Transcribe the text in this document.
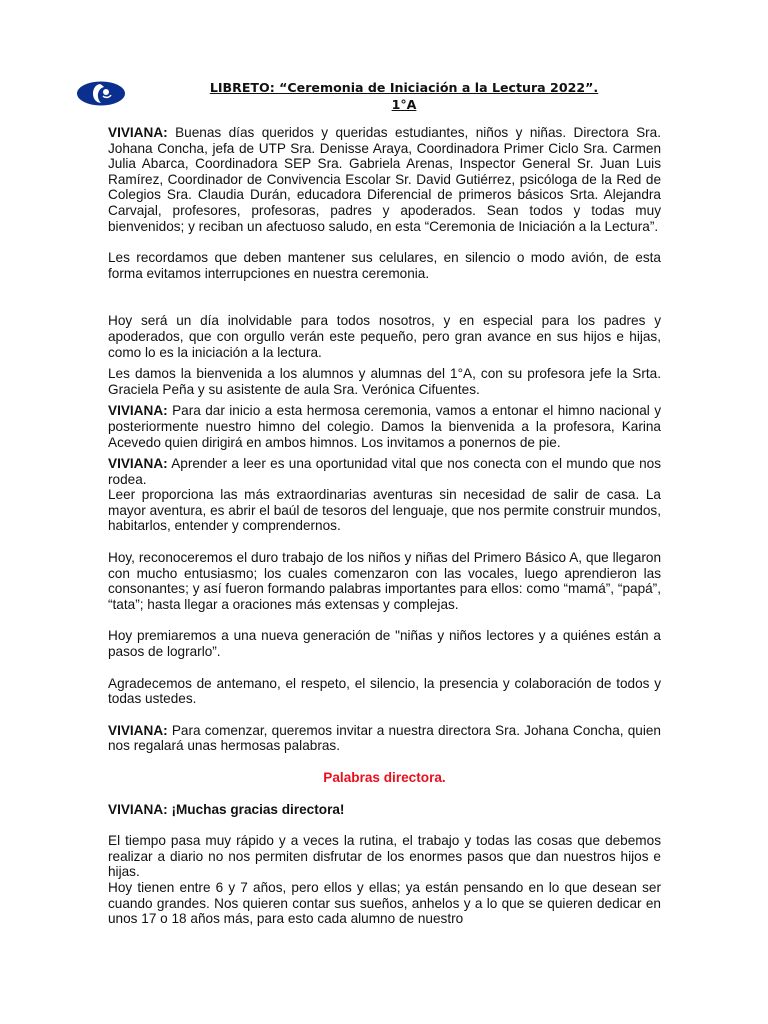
LIBRETO: “Ceremonia de Iniciación a la Lectura 2022”.
1°A

VIVIANA: Buenas días queridos y queridas estudiantes, niños y niñas. Directora Sra. Johana Concha, jefa de UTP Sra. Denisse Araya, Coordinadora Primer Ciclo Sra. Carmen Julia Abarca, Coordinadora SEP Sra. Gabriela Arenas, Inspector General Sr. Juan Luis Ramírez, Coordinador de Convivencia Escolar Sr. David Gutiérrez, psicóloga de la Red de Colegios Sra. Claudia Durán, educadora Diferencial de primeros básicos Srta. Alejandra Carvajal, profesores, profesoras, padres y apoderados. Sean todos y todas muy bienvenidos; y reciban un afectuoso saludo, en esta “Ceremonia de Iniciación a la Lectura”.

Les recordamos que deben mantener sus celulares, en silencio o modo avión, de esta forma evitamos interrupciones en nuestra ceremonia.

Hoy será un día inolvidable para todos nosotros, y en especial para los padres y apoderados, que con orgullo verán este pequeño, pero gran avance en sus hijos e hijas, como lo es la iniciación a la lectura.

Les damos la bienvenida a los alumnos y alumnas del 1°A, con su profesora jefe la Srta. Graciela Peña y su asistente de aula Sra. Verónica Cifuentes.

VIVIANA: Para dar inicio a esta hermosa ceremonia, vamos a entonar el himno nacional y posteriormente nuestro himno del colegio. Damos la bienvenida a la profesora, Karina Acevedo quien dirigirá en ambos himnos. Los invitamos a ponernos de pie.

VIVIANA: Aprender a leer es una oportunidad vital que nos conecta con el mundo que nos rodea.

Leer proporciona las más extraordinarias aventuras sin necesidad de salir de casa. La mayor aventura, es abrir el baúl de tesoros del lenguaje, que nos permite construir mundos, habitarlos, entender y comprendernos.

Hoy, reconoceremos el duro trabajo de los niños y niñas del Primero Básico A, que llegaron con mucho entusiasmo; los cuales comenzaron con las vocales, luego aprendieron las consonantes; y así fueron formando palabras importantes para ellos: como “mamá”, “papá”, “tata”; hasta llegar a oraciones más extensas y complejas.

Hoy premiaremos a una nueva generación de "niñas y niños lectores y a quiénes están a pasos de lograrlo”.

Agradecemos de antemano, el respeto, el silencio, la presencia y colaboración de todos y todas ustedes.

VIVIANA: Para comenzar, queremos invitar a nuestra directora Sra. Johana Concha, quien nos regalará unas hermosas palabras.

Palabras directora.

VIVIANA: ¡Muchas gracias directora!

El tiempo pasa muy rápido y a veces la rutina, el trabajo y todas las cosas que debemos realizar a diario no nos permiten disfrutar de los enormes pasos que dan nuestros hijos e hijas.

Hoy tienen entre 6 y 7 años, pero ellos y ellas; ya están pensando en lo que desean ser cuando grandes. Nos quieren contar sus sueños, anhelos y a lo que se quieren dedicar en unos 17 o 18 años más, para esto cada alumno de nuestro
